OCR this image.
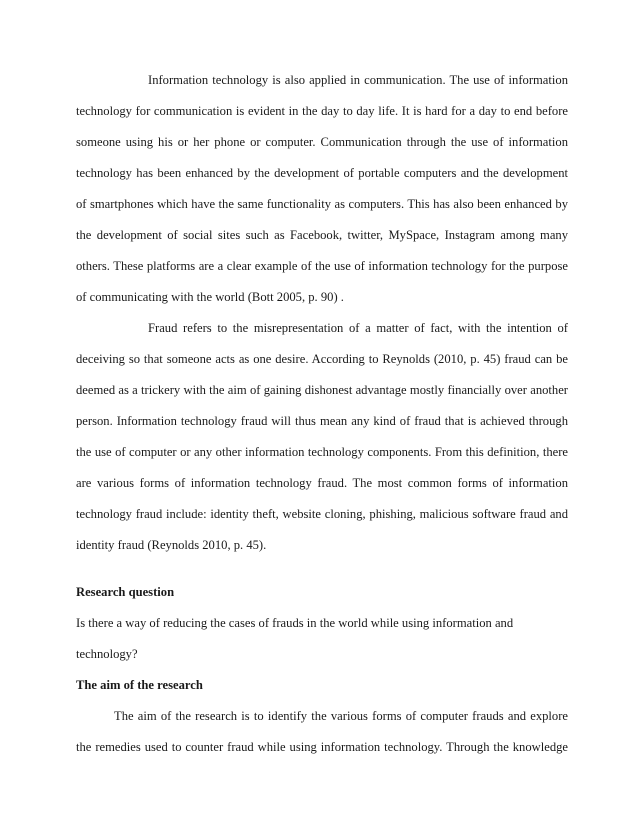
Information technology is also applied in communication. The use of information
technology for communication is evident in the day to day life. It is hard for a day to end before
someone using his or her phone or computer. Communication through the use of information
technology has been enhanced by the development of portable computers and the development
of smartphones which have the same functionality as computers. This has also been enhanced by
the development of social sites such as Facebook, twitter, MySpace, Instagram among many
others. These platforms are a clear example of the use of information technology for the purpose
of communicating with the world (Bott 2005, p. 90) .
Fraud refers to the misrepresentation of a matter of fact, with the intention of
deceiving so that someone acts as one desire. According to Reynolds (2010, p. 45) fraud can be
deemed as a trickery with the aim of gaining dishonest advantage mostly financially over another
person. Information technology fraud will thus mean any kind of fraud that is achieved through
the use of computer or any other information technology components. From this definition, there
are various forms of information technology fraud. The most common forms of information
technology fraud include: identity theft, website cloning, phishing, malicious software fraud and
identity fraud (Reynolds 2010, p. 45).
Research question
Is there a way of reducing the cases of frauds in the world while using information and
technology?
The aim of the research
The aim of the research is to identify the various forms of computer frauds and explore
the remedies used to counter fraud while using information technology. Through the knowledge
